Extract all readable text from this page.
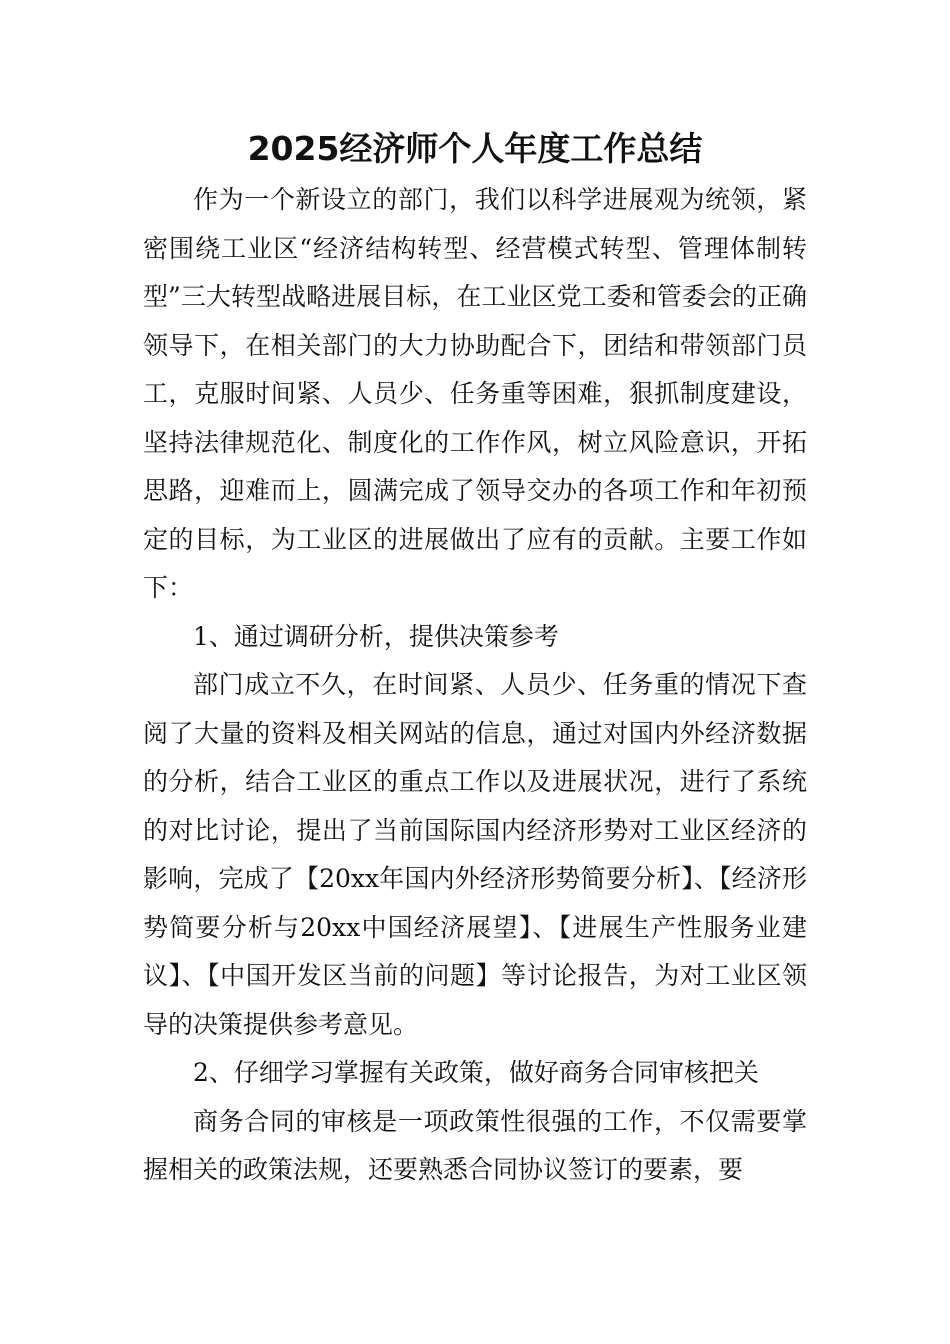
2025经济师个人年度工作总结

作为一个新设立的部门，我们以科学进展观为统领，紧密围绕工业区“经济结构转型、经营模式转型、管理体制转型”三大转型战略进展目标，在工业区党工委和管委会的正确领导下，在相关部门的大力协助配合下，团结和带领部门员工，克服时间紧、人员少、任务重等困难，狠抓制度建设，坚持法律规范化、制度化的工作作风，树立风险意识，开拓思路，迎难而上，圆满完成了领导交办的各项工作和年初预定的目标，为工业区的进展做出了应有的贡献。主要工作如下：

1、通过调研分析，提供决策参考

部门成立不久，在时间紧、人员少、任务重的情况下查阅了大量的资料及相关网站的信息，通过对国内外经济数据的分析，结合工业区的重点工作以及进展状况，进行了系统的对比讨论，提出了当前国际国内经济形势对工业区经济的影响，完成了【20xx年国内外经济形势简要分析】、【经济形势简要分析与20xx中国经济展望】、【进展生产性服务业建议】、【中国开发区当前的问题】等讨论报告，为对工业区领导的决策提供参考意见。

2、仔细学习掌握有关政策，做好商务合同审核把关

商务合同的审核是一项政策性很强的工作，不仅需要掌握相关的政策法规，还要熟悉合同协议签订的要素，要
